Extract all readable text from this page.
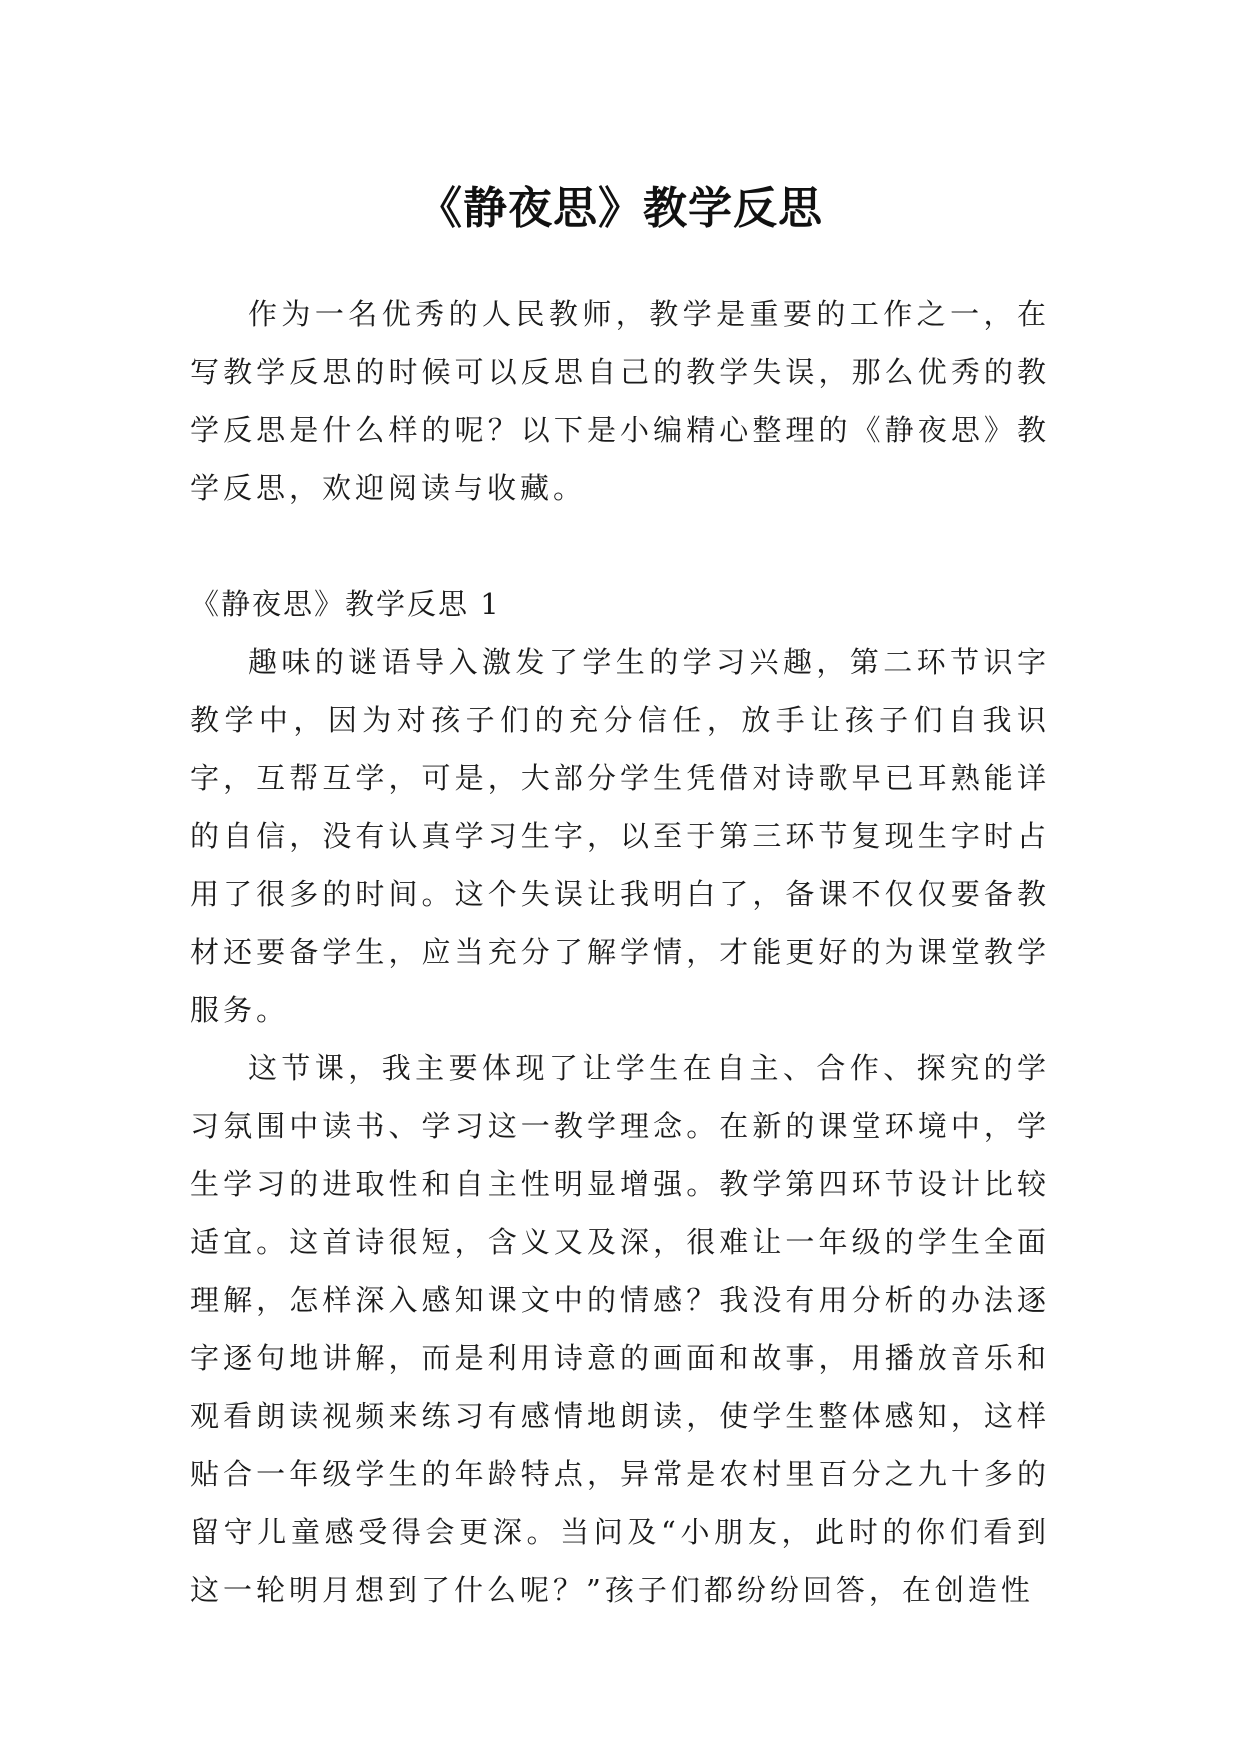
《静夜思》教学反思

作为一名优秀的人民教师，教学是重要的工作之一，在写教学反思的时候可以反思自己的教学失误，那么优秀的教学反思是什么样的呢？以下是小编精心整理的《静夜思》教学反思，欢迎阅读与收藏。

《静夜思》教学反思 1

趣味的谜语导入激发了学生的学习兴趣，第二环节识字教学中，因为对孩子们的充分信任，放手让孩子们自我识字，互帮互学，可是，大部分学生凭借对诗歌早已耳熟能详的自信，没有认真学习生字，以至于第三环节复现生字时占用了很多的时间。这个失误让我明白了，备课不仅仅要备教材还要备学生，应当充分了解学情，才能更好的为课堂教学服务。

这节课，我主要体现了让学生在自主、合作、探究的学习氛围中读书、学习这一教学理念。在新的课堂环境中，学生学习的进取性和自主性明显增强。教学第四环节设计比较适宜。这首诗很短，含义又及深，很难让一年级的学生全面理解，怎样深入感知课文中的情感？我没有用分析的办法逐字逐句地讲解，而是利用诗意的画面和故事，用播放音乐和观看朗读视频来练习有感情地朗读，使学生整体感知，这样贴合一年级学生的年龄特点，异常是农村里百分之九十多的留守儿童感受得会更深。当问及“小朋友，此时的你们看到这一轮明月想到了什么呢？”孩子们都纷纷回答，在创造性
